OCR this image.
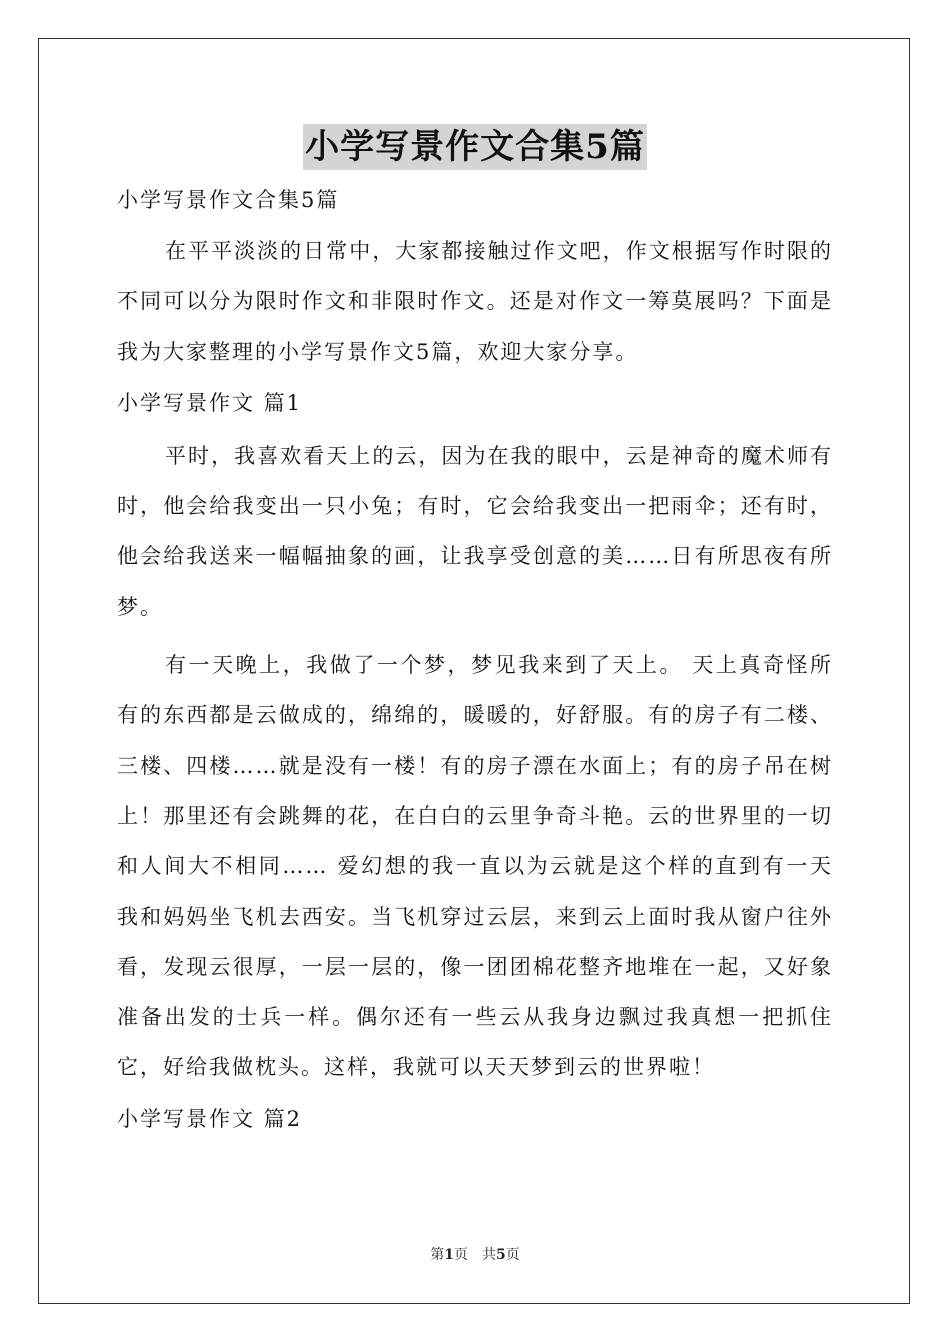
小学写景作文合集5篇
小学写景作文合集5篇
在平平淡淡的日常中，大家都接触过作文吧，作文根据写作时限的不同可以分为限时作文和非限时作文。还是对作文一筹莫展吗？下面是我为大家整理的小学写景作文5篇，欢迎大家分享。
小学写景作文 篇1
平时，我喜欢看天上的云，因为在我的眼中，云是神奇的魔术师有时，他会给我变出一只小兔；有时，它会给我变出一把雨伞；还有时，他会给我送来一幅幅抽象的画，让我享受创意的美……日有所思夜有所梦。
有一天晚上，我做了一个梦，梦见我来到了天上。 天上真奇怪所有的东西都是云做成的，绵绵的，暖暖的，好舒服。有的房子有二楼、三楼、四楼……就是没有一楼！有的房子漂在水面上；有的房子吊在树上！那里还有会跳舞的花，在白白的云里争奇斗艳。云的世界里的一切和人间大不相同…… 爱幻想的我一直以为云就是这个样的直到有一天我和妈妈坐飞机去西安。当飞机穿过云层，来到云上面时我从窗户往外看，发现云很厚，一层一层的，像一团团棉花整齐地堆在一起，又好象准备出发的士兵一样。偶尔还有一些云从我身边飘过我真想一把抓住它，好给我做枕头。这样，我就可以天天梦到云的世界啦！
小学写景作文 篇2
第1页　共5页
